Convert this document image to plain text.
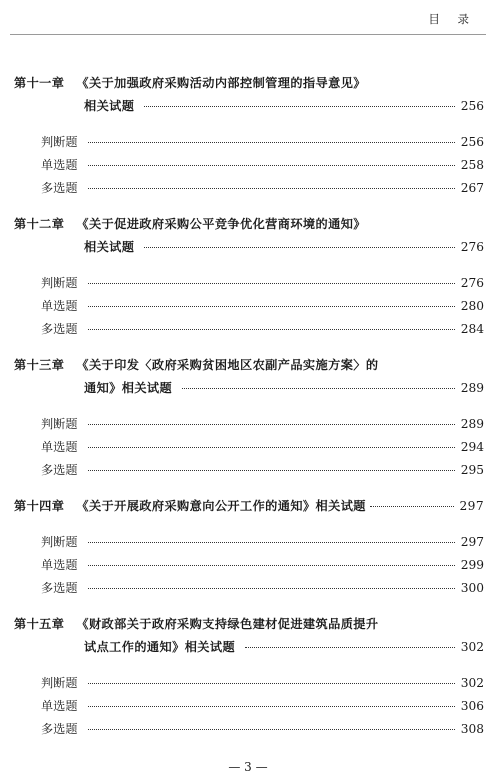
目 录
第十一章 《关于加强政府采购活动内部控制管理的指导意见》
相关试题	256
判断题	256
单选题	258
多选题	267
第十二章 《关于促进政府采购公平竞争优化营商环境的通知》
相关试题	276
判断题	276
单选题	280
多选题	284
第十三章 《关于印发〈政府采购贫困地区农副产品实施方案〉的
通知》相关试题	289
判断题	289
单选题	294
多选题	295
第十四章 《关于开展政府采购意向公开工作的通知》相关试题	297
判断题	297
单选题	299
多选题	300
第十五章 《财政部关于政府采购支持绿色建材促进建筑品质提升
试点工作的通知》相关试题	302
判断题	302
单选题	306
多选题	308
— 3 —
